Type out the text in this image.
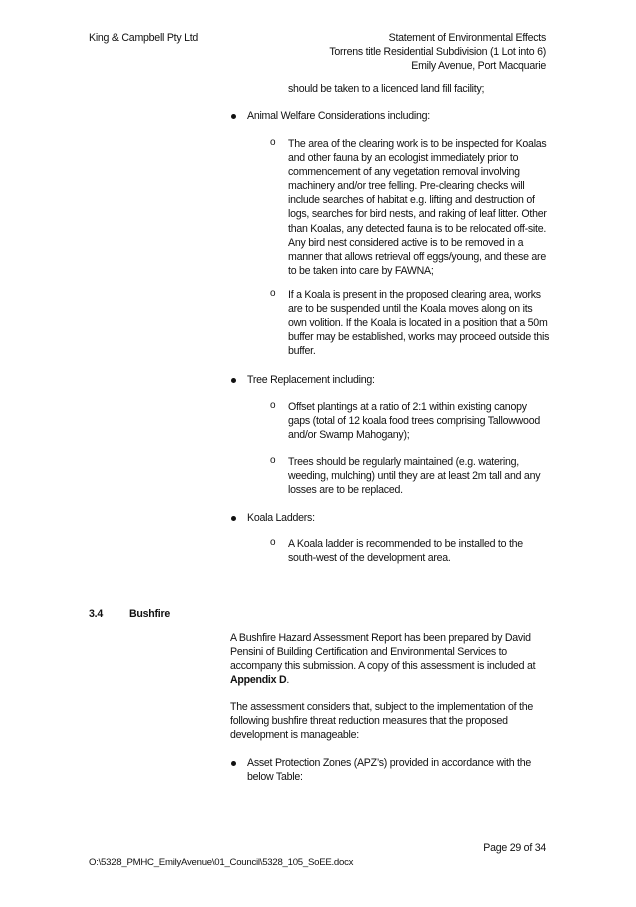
King & Campbell Pty Ltd	Statement of Environmental Effects
Torrens title Residential Subdivision (1 Lot into 6)
Emily Avenue, Port Macquarie
should be taken to a licenced land fill facility;
Animal Welfare Considerations including:
o The area of the clearing work is to be inspected for Koalas and other fauna by an ecologist immediately prior to commencement of any vegetation removal involving machinery and/or tree felling. Pre-clearing checks will include searches of habitat e.g. lifting and destruction of logs, searches for bird nests, and raking of leaf litter. Other than Koalas, any detected fauna is to be relocated off-site. Any bird nest considered active is to be removed in a manner that allows retrieval off eggs/young, and these are to be taken into care by FAWNA;
o If a Koala is present in the proposed clearing area, works are to be suspended until the Koala moves along on its own volition. If the Koala is located in a position that a 50m buffer may be established, works may proceed outside this buffer.
Tree Replacement including:
o Offset plantings at a ratio of 2:1 within existing canopy gaps (total of 12 koala food trees comprising Tallowwood and/or Swamp Mahogany);
o Trees should be regularly maintained (e.g. watering, weeding, mulching) until they are at least 2m tall and any losses are to be replaced.
Koala Ladders:
o A Koala ladder is recommended to be installed to the south-west of the development area.
3.4 Bushfire
A Bushfire Hazard Assessment Report has been prepared by David Pensini of Building Certification and Environmental Services to accompany this submission. A copy of this assessment is included at Appendix D.
The assessment considers that, subject to the implementation of the following bushfire threat reduction measures that the proposed development is manageable:
Asset Protection Zones (APZ’s) provided in accordance with the below Table:
Page 29 of 34
O:\5328_PMHC_EmilyAvenue\01_Council\5328_105_SoEE.docx
